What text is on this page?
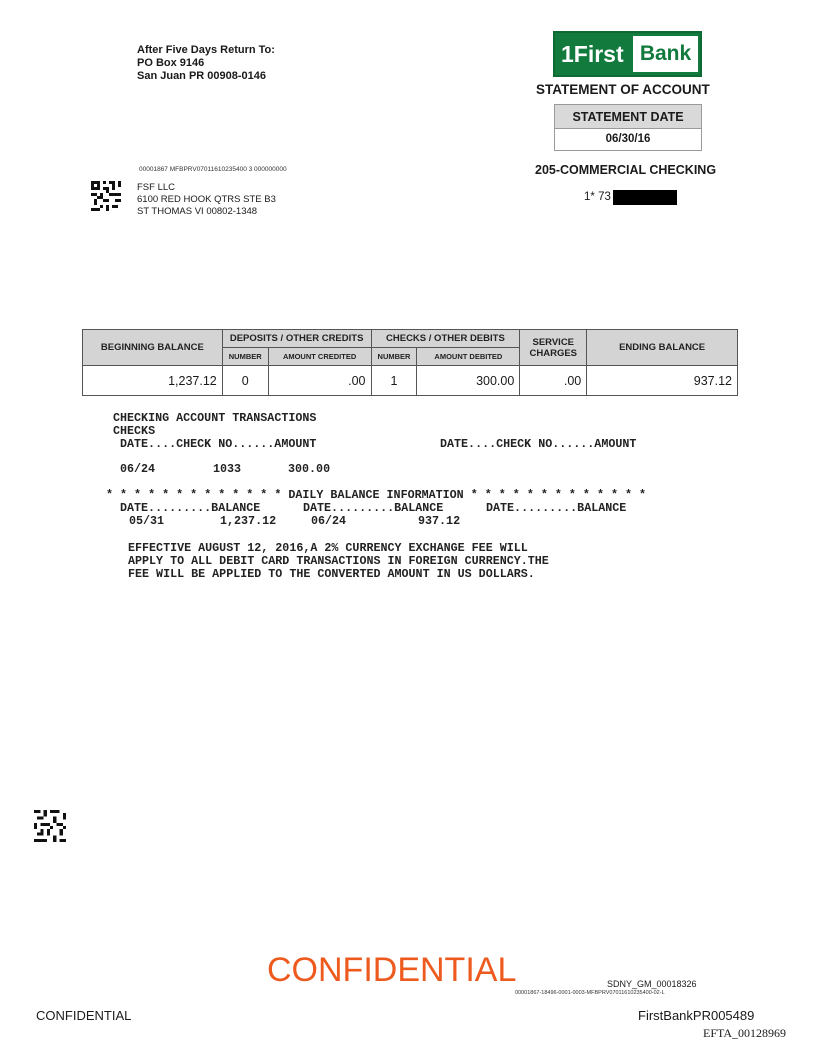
After Five Days Return To:
PO Box 9146
San Juan PR 00908-0146
1First Bank
STATEMENT OF ACCOUNT
STATEMENT DATE
06/30/16
205-COMMERCIAL CHECKING
1* 73
00001867 MFBPRV07011610235400 3 000000000
FSF LLC
6100 RED HOOK QTRS STE B3
ST THOMAS VI 00802-1348
BEGINNING BALANCE	DEPOSITS / OTHER CREDITS		CHECKS / OTHER DEBITS		SERVICE CHARGES	ENDING BALANCE
	NUMBER	AMOUNT CREDITED	NUMBER	AMOUNT DEBITED		
1,237.12	0	.00	1	300.00	.00	937.12
CHECKING ACCOUNT TRANSACTIONS
CHECKS
DATE....CHECK NO......AMOUNT	DATE....CHECK NO......AMOUNT
06/24	1033	300.00
* * * * * * * * * * * * * DAILY BALANCE INFORMATION * * * * * * * * * * * * *
DATE.........BALANCE	DATE.........BALANCE	DATE.........BALANCE
05/31	1,237.12	06/24	937.12
EFFECTIVE AUGUST 12, 2016,A 2% CURRENCY EXCHANGE FEE WILL
APPLY TO ALL DEBIT CARD TRANSACTIONS IN FOREIGN CURRENCY.THE
FEE WILL BE APPLIED TO THE CONVERTED AMOUNT IN US DOLLARS.
CONFIDENTIAL	SDNY_GM_00018326
00001867-18496-0001-0003-MFBPRV07011610235400-02-L
CONFIDENTIAL	FirstBankPR005489
EFTA_00128969
